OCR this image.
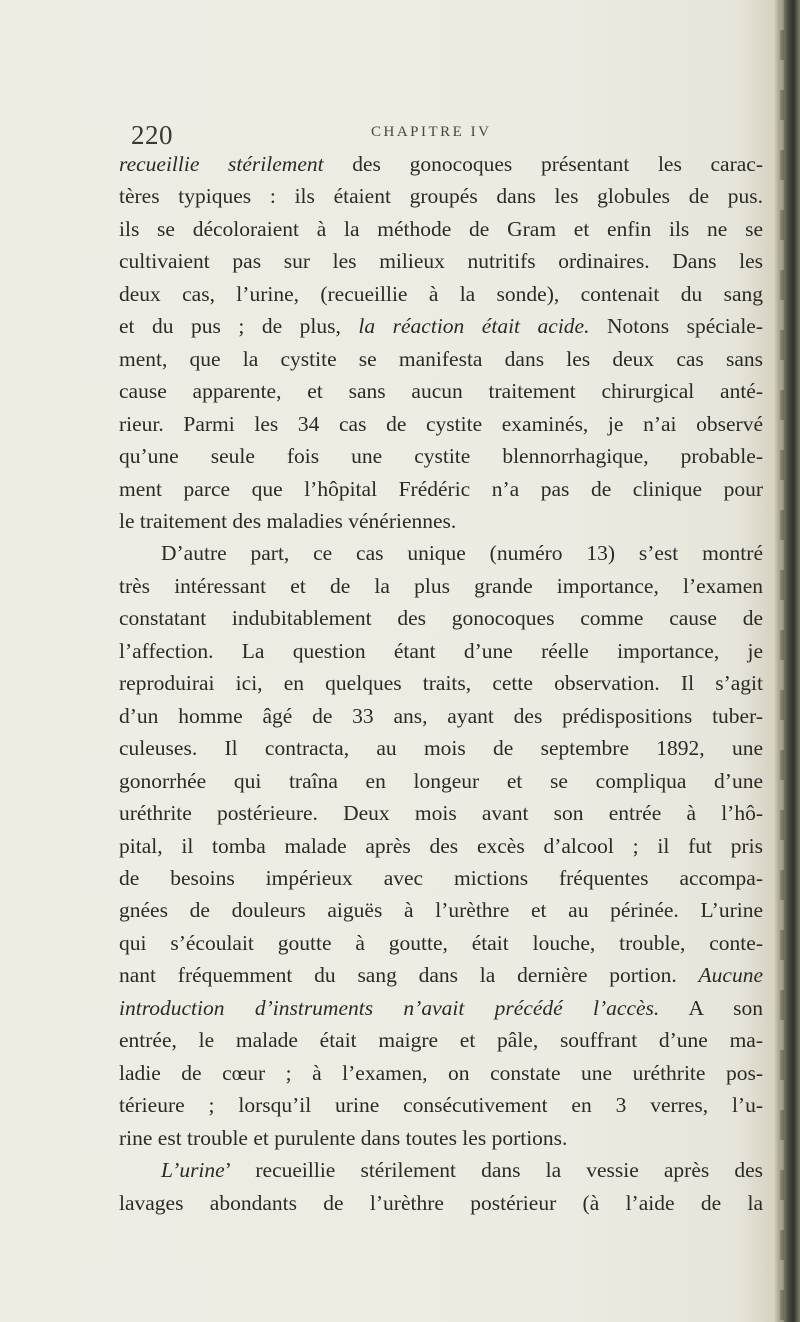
220	CHAPITRE IV
recueillie stérilement des gonocoques présentant les carac-
tères typiques : ils étaient groupés dans les globules de pus.
ils se décoloraient à la méthode de Gram et enfin ils ne se
cultivaient pas sur les milieux nutritifs ordinaires. Dans les
deux cas, l’urine, (recueillie à la sonde), contenait du sang
et du pus ; de plus, la réaction était acide. Notons spéciale-
ment, que la cystite se manifesta dans les deux cas sans
cause apparente, et sans aucun traitement chirurgical anté-
rieur. Parmi les 34 cas de cystite examinés, je n’ai observé
qu’une seule fois une cystite blennorrhagique, probable-
ment parce que l’hôpital Frédéric n’a pas de clinique pour
le traitement des maladies vénériennes.
D’autre part, ce cas unique (numéro 13) s’est montré
très intéressant et de la plus grande importance, l’examen
constatant indubitablement des gonocoques comme cause de
l’affection. La question étant d’une réelle importance, je
reproduirai ici, en quelques traits, cette observation. Il s’agit
d’un homme âgé de 33 ans, ayant des prédispositions tuber-
culeuses. Il contracta, au mois de septembre 1892, une
gonorrhée qui traîna en longeur et se compliqua d’une
uréthrite postérieure. Deux mois avant son entrée à l’hô-
pital, il tomba malade après des excès d’alcool ; il fut pris
de besoins impérieux avec mictions fréquentes accompa-
gnées de douleurs aiguës à l’urèthre et au périnée. L’urine
qui s’écoulait goutte à goutte, était louche, trouble, conte-
nant fréquemment du sang dans la dernière portion. Aucune
introduction d’instruments n’avait précédé l’accès. A son
entrée, le malade était maigre et pâle, souffrant d’une ma-
ladie de cœur ; à l’examen, on constate une uréthrite pos-
térieure ; lorsqu’il urine consécutivement en 3 verres, l’u-
rine est trouble et purulente dans toutes les portions.
L’urine’ recueillie stérilement dans la vessie après des
lavages abondants de l’urèthre postérieur (à l’aide de la
